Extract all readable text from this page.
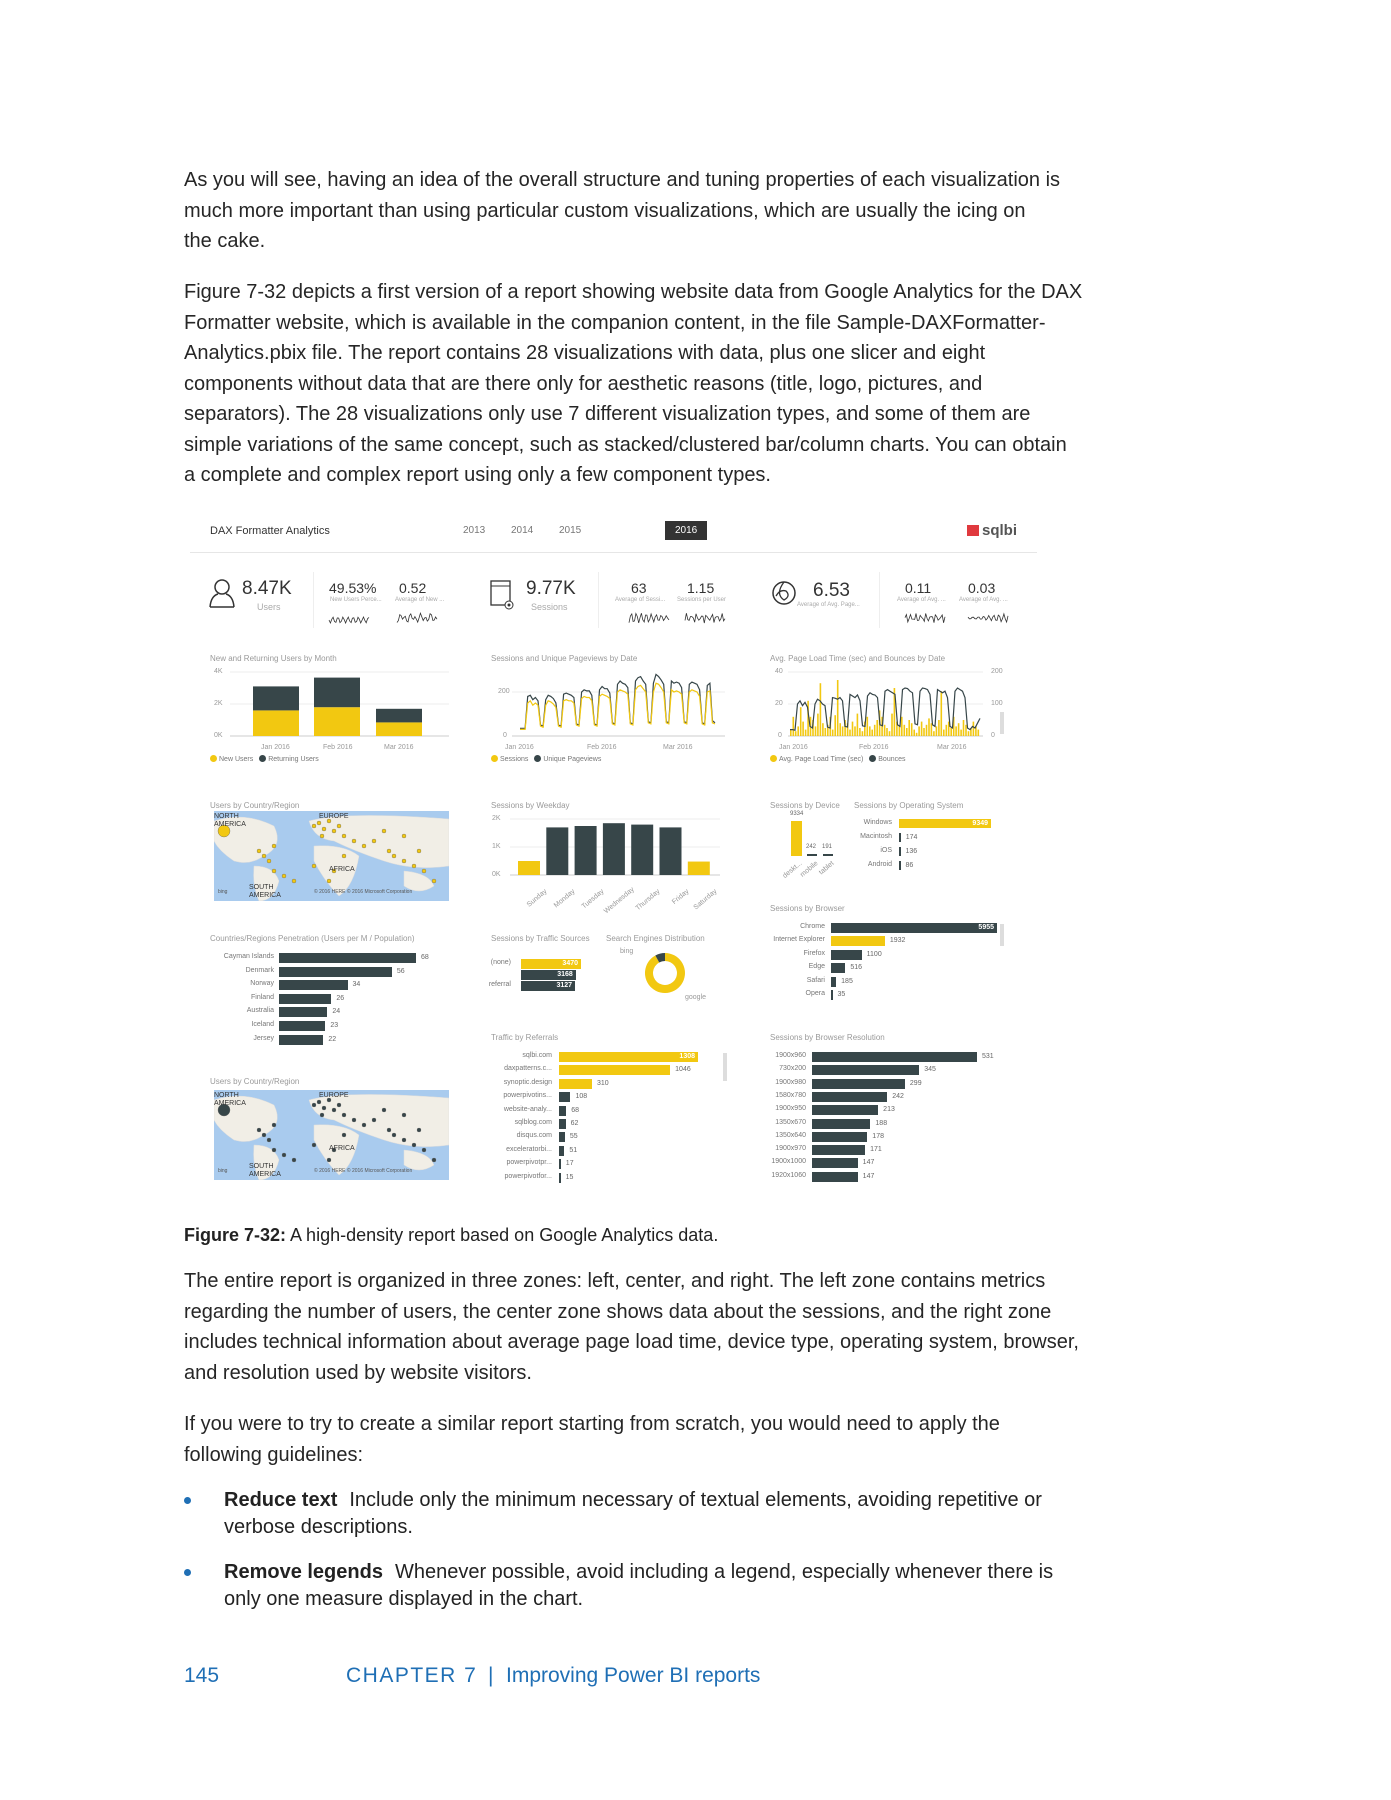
As you will see, having an idea of the overall structure and tuning properties of each visualization is
much more important than using particular custom visualizations, which are usually the icing on
the cake.
Figure 7-32 depicts a first version of a report showing website data from Google Analytics for the DAX
Formatter website, which is available in the companion content, in the file Sample-DAXFormatter-
Analytics.pbix file. The report contains 28 visualizations with data, plus one slicer and eight
components without data that are there only for aesthetic reasons (title, logo, pictures, and
separators). The 28 visualizations only use 7 different visualization types, and some of them are
simple variations of the same concept, such as stacked/clustered bar/column charts. You can obtain
a complete and complex report using only a few component types.
DAX Formatter Analytics	2013	2014	2015	2016	sqlbi
8.47K
Users
49.53%
New Users Perce...
0.52
Average of New ...
9.77K
Sessions
63
Average of Sessi...
1.15
Sessions per User	6.53
Average of Avg. Page...
0.11
Average of Avg. ...
0.03
Average of Avg. ...
New and Returning Users by Month	Sessions and Unique Pageviews by Date	Avg. Page Load Time (sec) and Bounces by Date
Users by Country/Region	Sessions by Weekday	Sessions by Device Sessions by Operating System
Sessions by Browser
Countries/Regions Penetration (Users per M / Population)	Sessions by Traffic Sources Search Engines Distribution
Traffic by Referrals	Sessions by Browser Resolution
Users by Country/Region
4K
2K
0K
Jan 2016	Feb 2016	Mar 2016
New Users Returning Users
200
0
Jan 2016	Feb 2016	Mar 2016
Sessions Unique Pageviews
40
20
0
200
100
0
Jan 2016	Feb 2016	Mar 2016
Avg. Page Load Time (sec) Bounces
2K
1K
0K
Sunday Monday Tuesday
Wednesday Thursday	Friday Saturday
9334
deskt...
242
mobile
191
tablet
Windows	9349
Macintosh 174
iOS 136
Android 86
Cayman Islands	68
Denmark	56
Norway	34
Finland	26
Australia	24
Iceland	23
Jersey	22
(none)	3470
3168
referral	3127
Chrome	5955
Internet Explorer	1932
Firefox	1100
Edge	516
Safari 185
Opera 35
sqlbi.com	1308
daxpatterns.c...	1046
synoptic.design	310
powerpivotins...	108
website-analy...	68
sqlblog.com	62
disqus.com	55
exceleratorbi... 51
powerpivotpr... 17
powerpivotfor... 15
1900x960	531
730x200	345
1900x980	299
1580x780	242
1900x950	213
1350x670	188
1350x640	178
1900x970	171
1900x1000	147
1920x1060	147
NORTH AMERICA
EUROPE
AFRICA
SOUTH AMERICA
bing	© 2016 HERE © 2016 Microsoft Corporation
NORTH AMERICA
EUROPE
AFRICA
SOUTH AMERICA
bing	© 2016 HERE © 2016 Microsoft Corporation
bing
google
Figure 7-32: A high-density report based on Google Analytics data.
The entire report is organized in three zones: left, center, and right. The left zone contains metrics
regarding the number of users, the center zone shows data about the sessions, and the right zone
includes technical information about average page load time, device type, operating system, browser,
and resolution used by website visitors.
If you were to try to create a similar report starting from scratch, you would need to apply the
following guidelines:
Reduce text Include only the minimum necessary of textual elements, avoiding repetitive or
verbose descriptions.
Remove legends Whenever possible, avoid including a legend, especially whenever there is
only one measure displayed in the chart.
145	CHAPTER 7 | Improving Power BI reports
